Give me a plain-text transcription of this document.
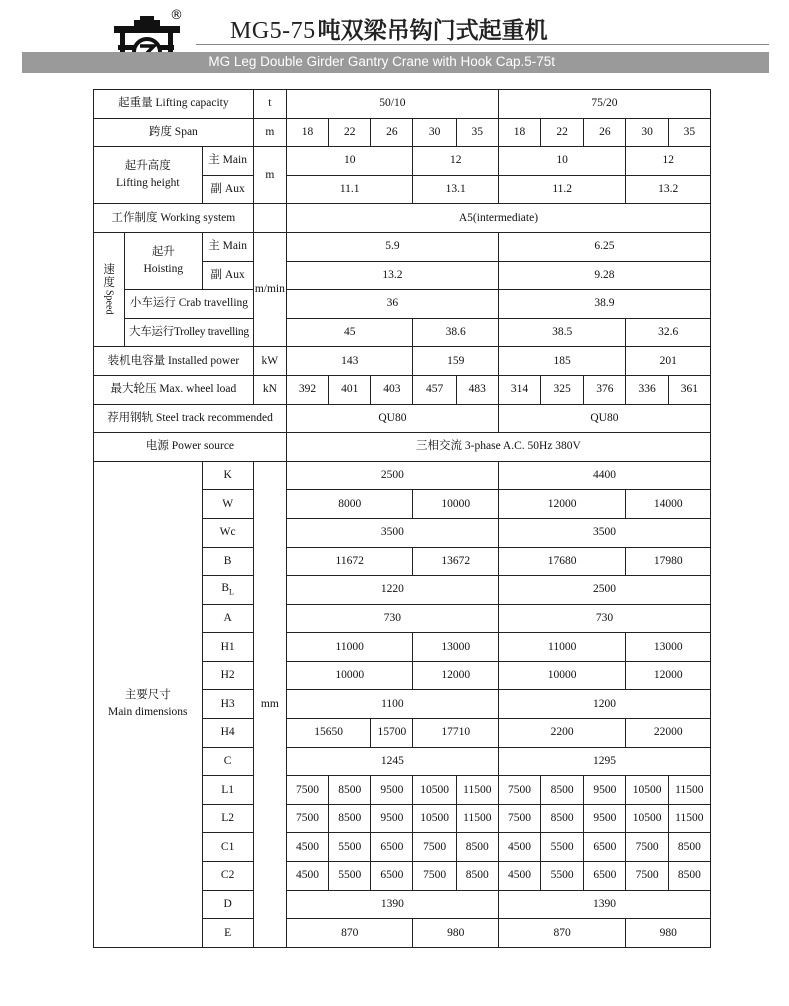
®
MG5-75吨双梁吊钩门式起重机
MG Leg Double Girder Gantry Crane with Hook Cap.5-75t
起重量 Lifting capacity			t	50/10					75/20				
跨度 Span			m	18	22	26	30	35	18	22	26	30	35

起升高度
Lifting height		主 Main	m	10			12		10			12	
		副 Aux		11.1			13.1		11.2			13.2	
工作制度 Working system				A5(intermediate)									

速
度
Speed	起升
Hoisting	主 Main	m/min	5.9					6.25				
		副 Aux		13.2					9.28				
	小车运行 Crab travelling			36					38.9				
	大车运行Trolley travelling			45			38.6		38.5			32.6	
装机电容量 Installed power			kW	143			159		185			201	
最大轮压 Max. wheel load			kN	392	401	403	457	483	314	325	376	336	361
荐用钢轨 Steel track recommended				QU80					QU80				
电源 Power source				三相交流 3-phase A.C. 50Hz 380V									

主要尺寸
Main dimensions		K	mm	2500					4400				
		W		8000			10000		12000			14000	
		Wc		3500					3500				
		B		11672			13672		17680			17980	
		$B_L$		1220					2500				
		A		730					730				
		H1		11000			13000		11000			13000	
		H2		10000			12000		10000			12000	
		H3		1100					1200				
		H4		15650		15700	17710		2200			22000	
		C		1245					1295				
		L1		7500	8500	9500	10500	11500	7500	8500	9500	10500	11500
		L2		7500	8500	9500	10500	11500	7500	8500	9500	10500	11500
		C1		4500	5500	6500	7500	8500	4500	5500	6500	7500	8500
		C2		4500	5500	6500	7500	8500	4500	5500	6500	7500	8500
		D		1390					1390				
		E		870			980		870			980	
